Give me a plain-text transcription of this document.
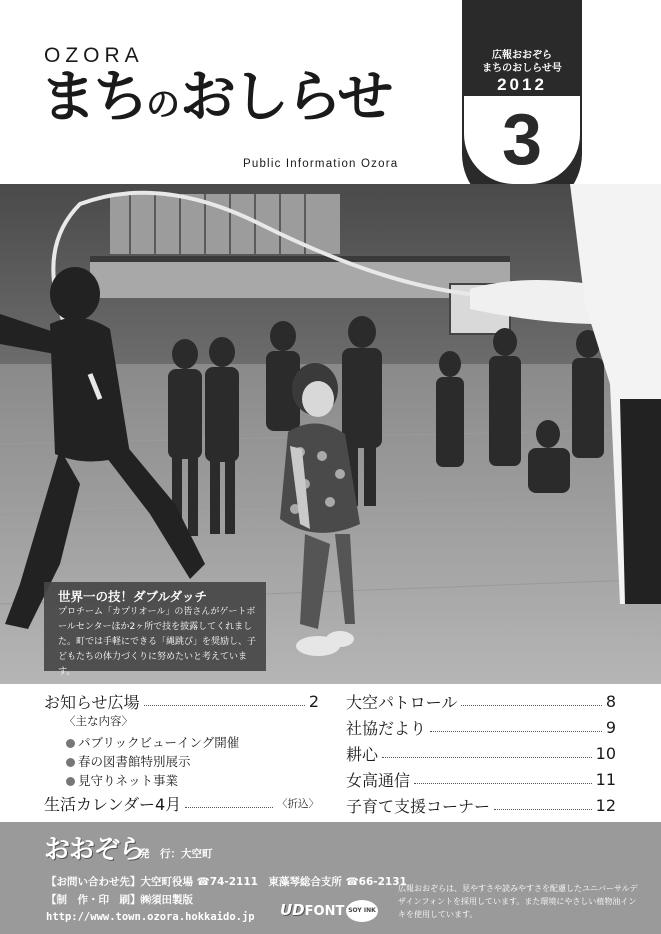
OZORA
まちのおしらせ
Public Information Ozora
広報おおぞら
まちのおしらせ号
2012
3
世界一の技！ダブルダッチ
プロチーム「カプリオール」の皆さんがゲートボールセンターほか2ヶ所で技を披露してくれました。町では手軽にできる「縄跳び」を奨励し、子どもたちの体力づくりに努めたいと考えています。
お知らせ広場	2
〈主な内容〉
パブリックビューイング開催
春の図書館特別展示
見守りネット事業
生活カレンダー4月	〈折込〉
大空パトロール	8
社協だより	9
耕心	10
女高通信	11
子育て支援コーナー	12
おおぞら
発　行：大空町
【お問い合わせ先】大空町役場 ☎74-2111　東藻琴総合支所 ☎66-2131
【制　作・印　刷】㈱須田製版
http://www.town.ozora.hokkaido.jp UDFONT SOY INK
広報おおぞらは、見やすさや読みやすさを配慮したユニバーサルデザインフォントを採用しています。また環境にやさしい植物油インキを使用しています。
